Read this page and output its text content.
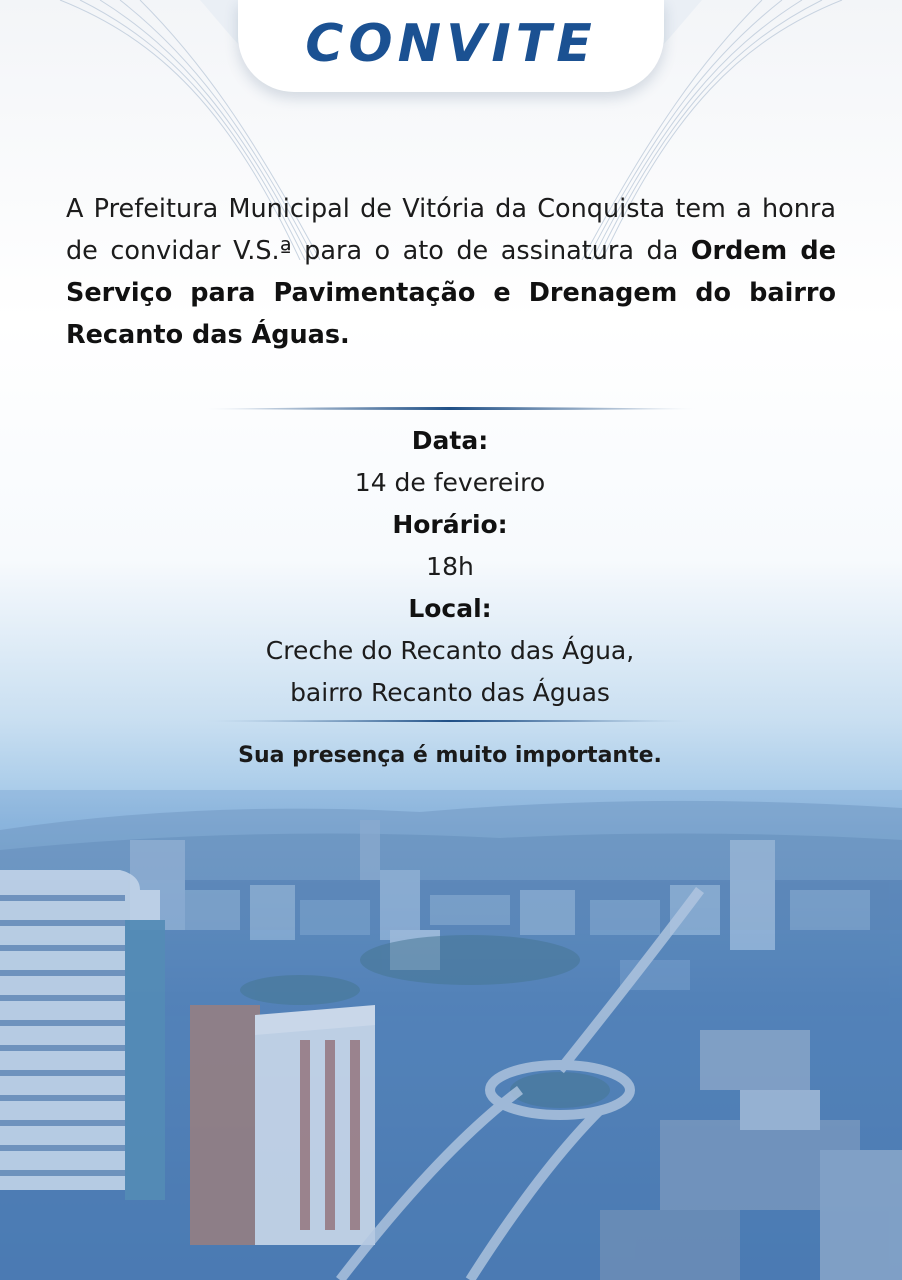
CONVITE
A Prefeitura Municipal de Vitória da Conquista tem a honra de convidar V.S.ª para o ato de assinatura da Ordem de Serviço para Pavimentação e Drenagem do bairro Recanto das Águas.
Data:
14 de fevereiro
Horário:
18h
Local:
Creche do Recanto das Água,
bairro Recanto das Águas
Sua presença é muito importante.
